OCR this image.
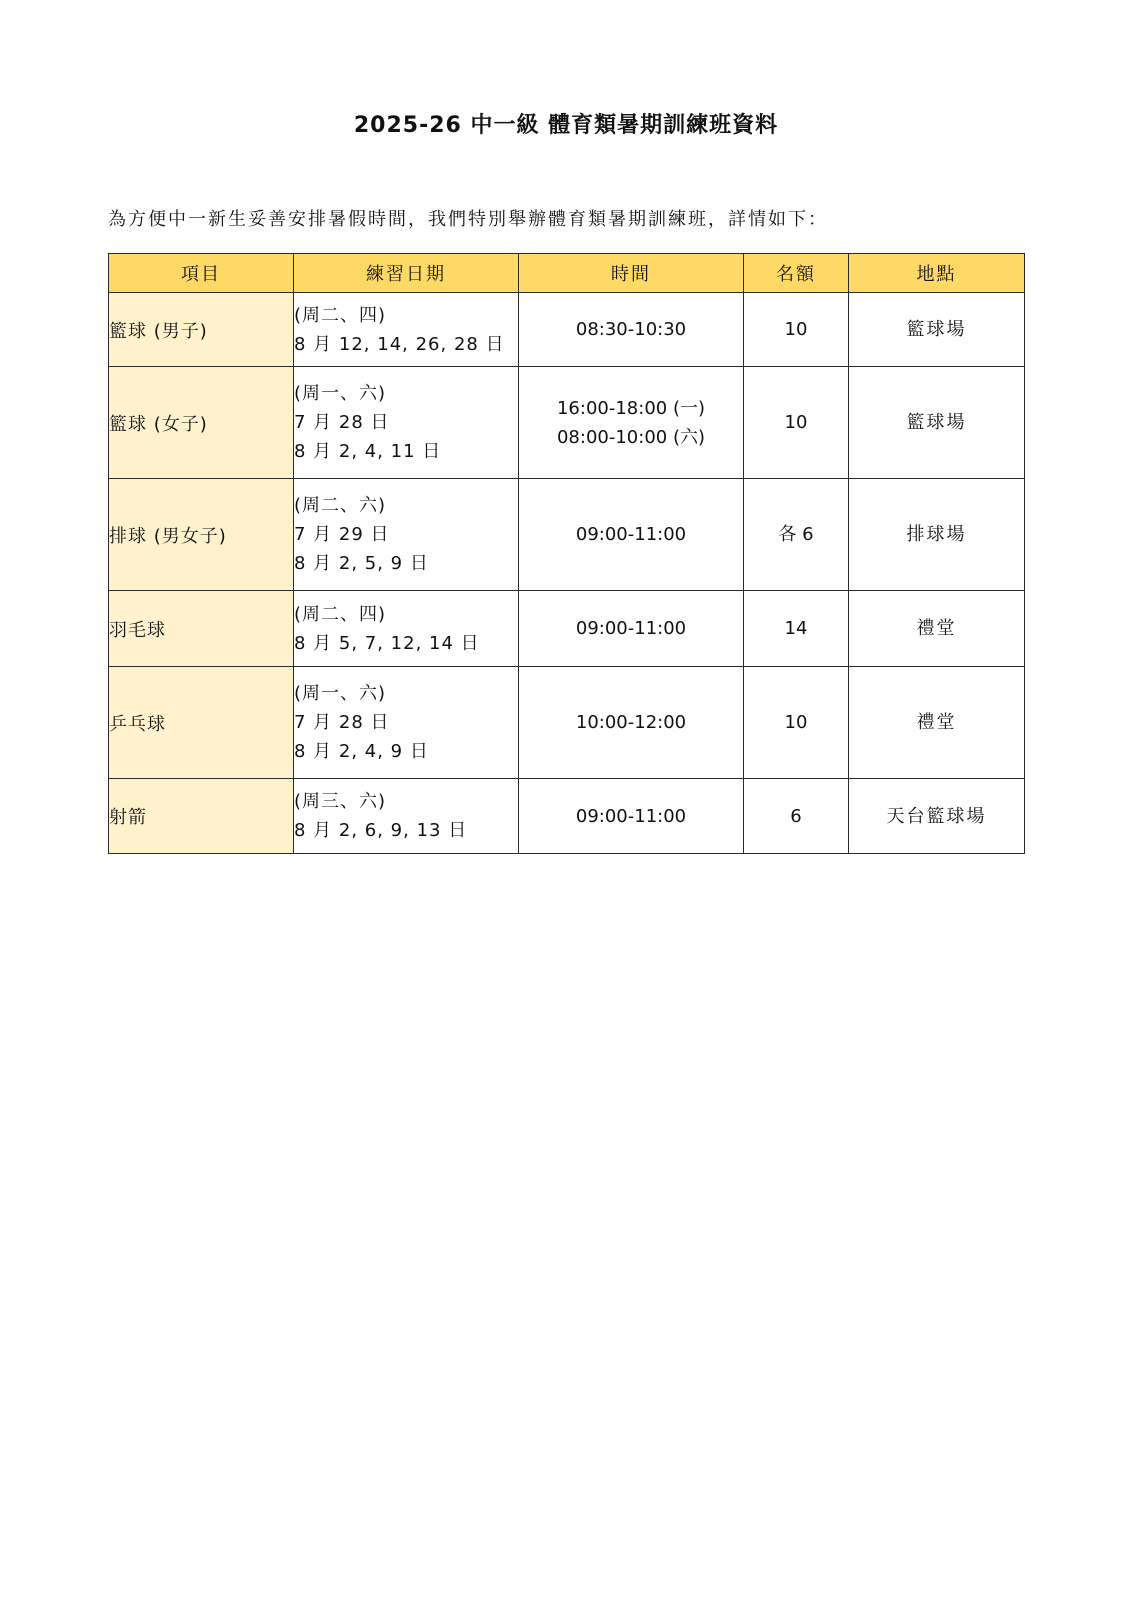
2025-26 中一級 體育類暑期訓練班資料
為方便中一新生妥善安排暑假時間，我們特別舉辦體育類暑期訓練班，詳情如下：
項目	練習日期	時間	名額	地點
籃球 (男子)	(周二、四)
8 月 12, 14, 26, 28 日	08:30-10:30	10	籃球場
籃球 (女子)	(周一、六)
7 月 28 日
8 月 2, 4, 11 日	16:00-18:00 (一)
08:00-10:00 (六)	10	籃球場
排球 (男女子)	(周二、六)
7 月 29 日
8 月 2, 5, 9 日	09:00-11:00	各 6	排球場
羽毛球	(周二、四)
8 月 5, 7, 12, 14 日	09:00-11:00	14	禮堂
乒乓球	(周一、六)
7 月 28 日
8 月 2, 4, 9 日	10:00-12:00	10	禮堂
射箭	(周三、六)
8 月 2, 6, 9, 13 日	09:00-11:00	6	天台籃球場
